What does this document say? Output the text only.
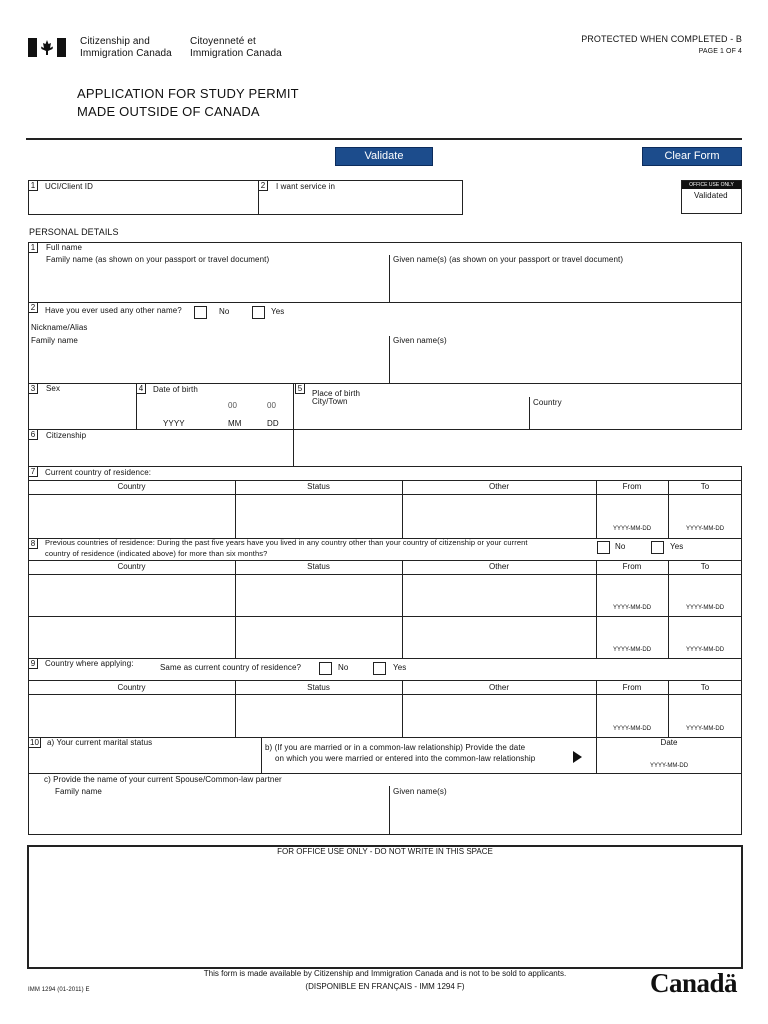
Citizenship and
Immigration Canada
Citoyenneté et
Immigration Canada
PROTECTED WHEN COMPLETED - B
PAGE 1 OF 4
APPLICATION FOR STUDY PERMIT
MADE OUTSIDE OF CANADA
Validate	Clear Form
1	UCI/Client ID	2	I want service in	OFFICE USE ONLY
Validated
PERSONAL DETAILS
1	Full name
Family name (as shown on your passport or travel document)	Given name(s) (as shown on your passport or travel document)
2	Have you ever used any other name?	No	Yes
Nickname/Alias
Family name	Given name(s)
3	Sex	4	Date of birth
00	00
YYYY	MM	DD
5
Place of birth
City/Town	Country
6	Citizenship
7	Current country of residence:
Country	Status	Other	From	To
YYYY-MM-DD	YYYY-MM-DD
8	Previous countries of residence: During the past five years have you lived in any country other than your country of citizenship or your current
country of residence (indicated above) for more than six months?
No	Yes
Country	Status	Other	From	To
YYYY-MM-DD	YYYY-MM-DD
YYYY-MM-DD	YYYY-MM-DD
9	Country where applying:	Same as current country of residence?	No	Yes
Country	Status	Other	From	To
YYYY-MM-DD	YYYY-MM-DD
10 a) Your current marital status
b) (If you are married or in a common-law relationship) Provide the date
on which you were married or entered into the common-law relationship
Date
YYYY-MM-DD
c) Provide the name of your current Spouse/Common-law partner
Family name	Given name(s)
FOR OFFICE USE ONLY - DO NOT WRITE IN THIS SPACE
This form is made available by Citizenship and Immigration Canada and is not to be sold to applicants.
(DISPONIBLE EN FRANÇAIS - IMM 1294 F)
IMM 1294 (01-2011) E	Canadä
